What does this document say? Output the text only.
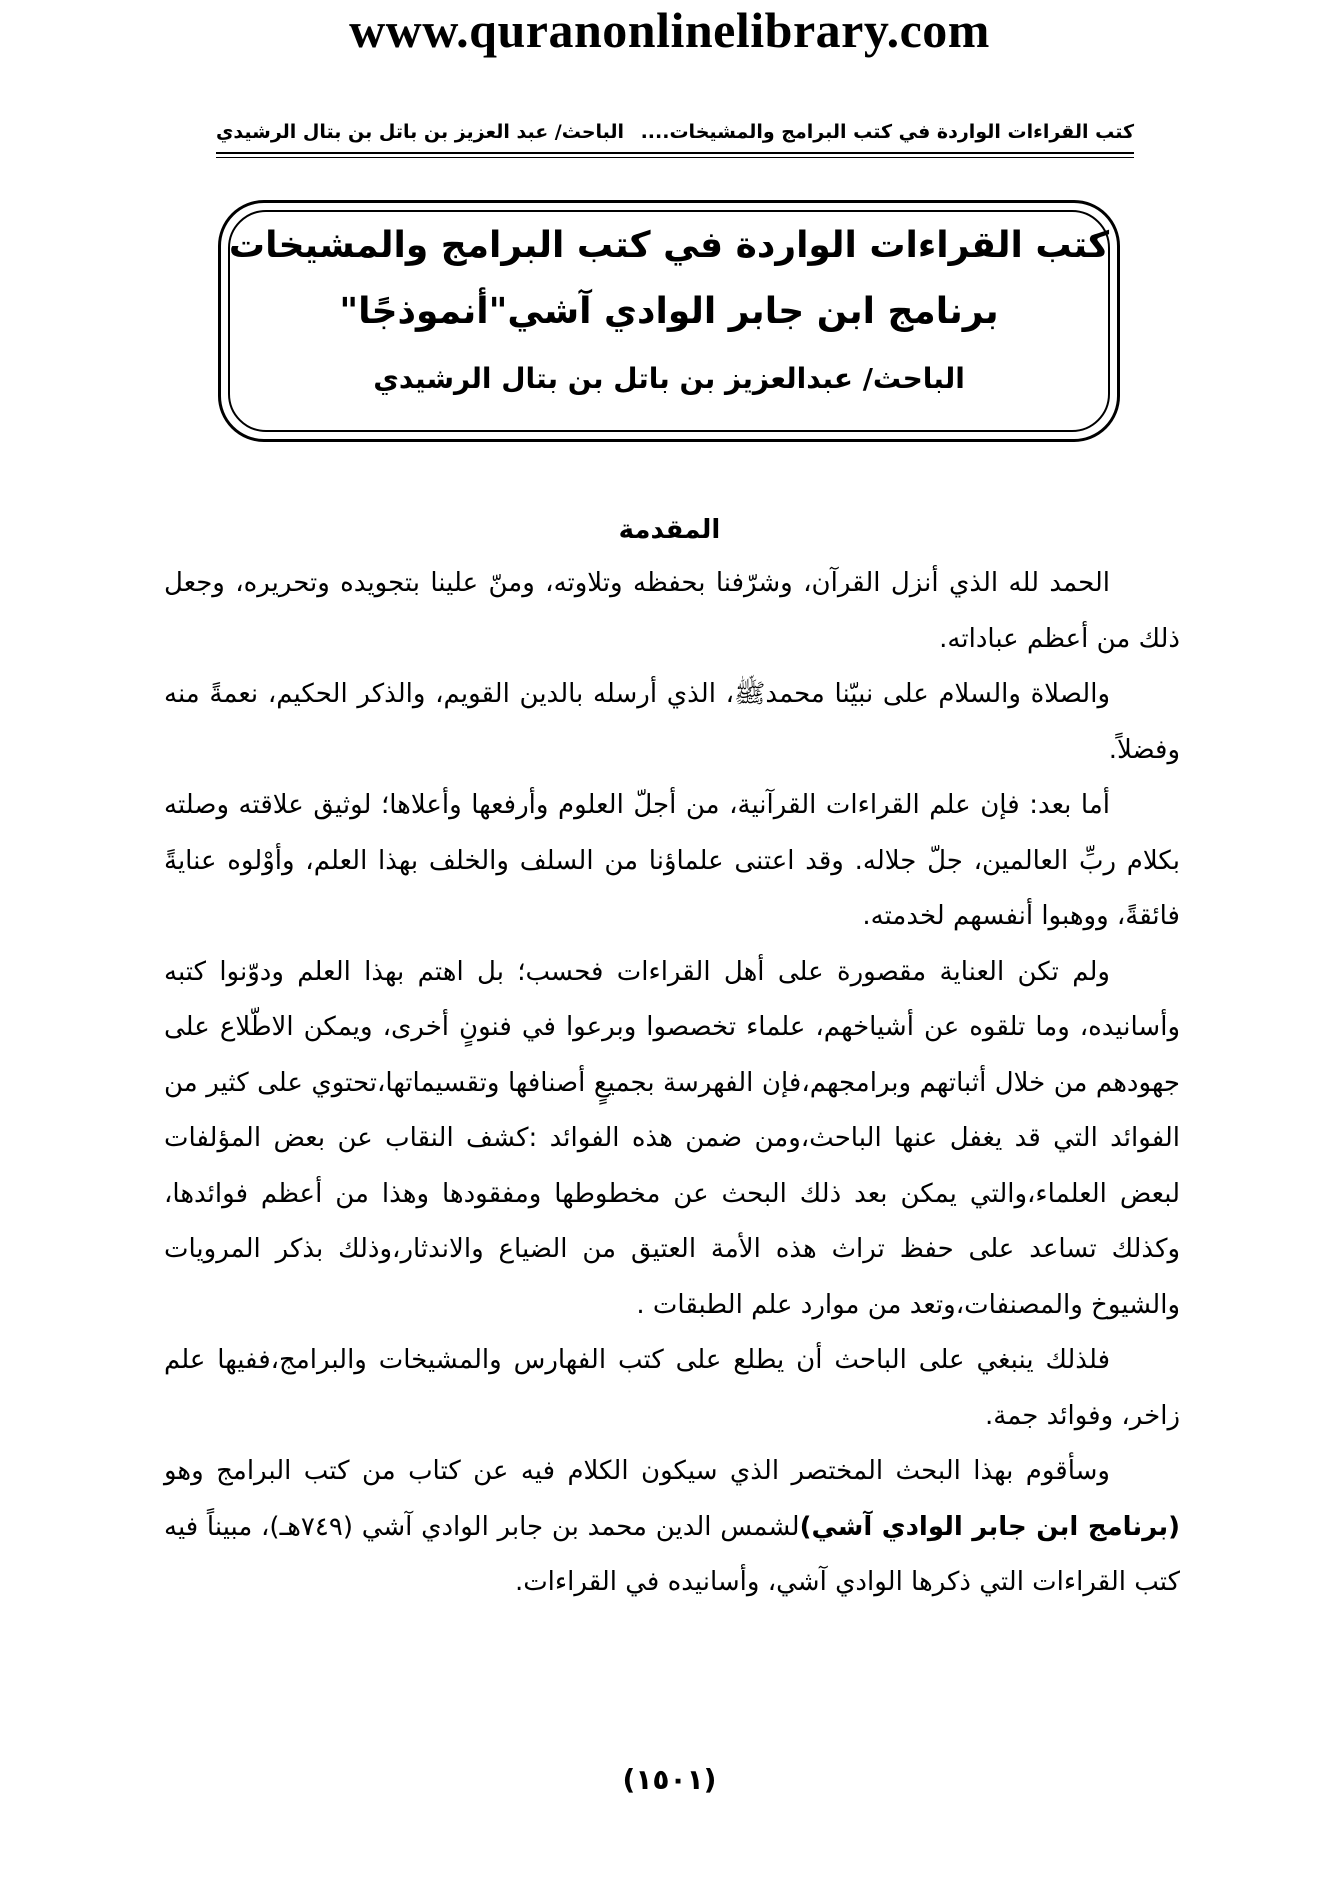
www.quranonlinelibrary.com
كتب القراءات الواردة في كتب البرامج والمشيخات....
الباحث/ عبد العزيز بن باتل بن بتال الرشيدي
كتب القراءات الواردة في كتب البرامج والمشيخات
برنامج ابن جابر الوادي آشي"أنموذجًا"
الباحث/ عبدالعزيز بن باتل بن بتال الرشيدي
المقدمة

الحمد لله الذي أنزل القرآن، وشرّفنا بحفظه وتلاوته، ومنّ علينا بتجويده وتحريره، وجعل ذلك من أعظم عباداته.

والصلاة والسلام على نبيّنا محمدﷺ، الذي أرسله بالدين القويم، والذكر الحكيم، نعمةً منه وفضلاً.

أما بعد: فإن علم القراءات القرآنية، من أجلّ العلوم وأرفعها وأعلاها؛ لوثيق علاقته وصلته بكلام ربِّ العالمين، جلّ جلاله. وقد اعتنى علماؤنا من السلف والخلف بهذا العلم، وأوْلوه عنايةً فائقةً، ووهبوا أنفسهم لخدمته.

ولم تكن العناية مقصورة على أهل القراءات فحسب؛ بل اهتم بهذا العلم ودوّنوا كتبه وأسانيده، وما تلقوه عن أشياخهم، علماء تخصصوا وبرعوا في فنونٍ أخرى، ويمكن الاطّلاع على جهودهم من خلال أثباتهم وبرامجهم،فإن الفهرسة بجميعٍ أصنافها وتقسيماتها،تحتوي على كثير من الفوائد التي قد يغفل عنها الباحث،ومن ضمن هذه الفوائد :كشف النقاب عن بعض المؤلفات لبعض العلماء،والتي يمكن بعد ذلك البحث عن مخطوطها ومفقودها وهذا من أعظم فوائدها، وكذلك تساعد على حفظ تراث هذه الأمة العتيق من الضياع والاندثار،وذلك بذكر المرويات والشيوخ والمصنفات،وتعد من موارد علم الطبقات .

فلذلك ينبغي على الباحث أن يطلع على كتب الفهارس والمشيخات والبرامج،ففيها علم زاخر، وفوائد جمة.

وسأقوم بهذا البحث المختصر الذي سيكون الكلام فيه عن كتاب من كتب البرامج وهو (برنامج ابن جابر الوادي آشي)لشمس الدين محمد بن جابر الوادي آشي (٧٤٩هـ)، مبيناً فيه كتب القراءات التي ذكرها الوادي آشي، وأسانيده في القراءات.

(١٥٠١)
